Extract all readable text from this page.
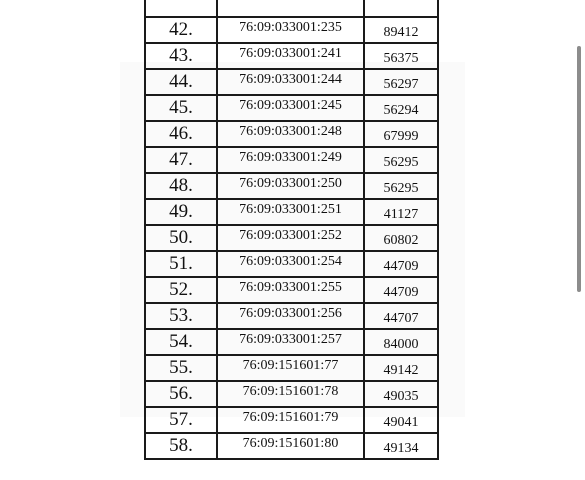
42.	76:09:033001:235	89412
43.	76:09:033001:241	56375
44.	76:09:033001:244	56297
45.	76:09:033001:245	56294
46.	76:09:033001:248	67999
47.	76:09:033001:249	56295
48.	76:09:033001:250	56295
49.	76:09:033001:251	41127
50.	76:09:033001:252	60802
51.	76:09:033001:254	44709
52.	76:09:033001:255	44709
53.	76:09:033001:256	44707
54.	76:09:033001:257	84000
55.	76:09:151601:77	49142
56.	76:09:151601:78	49035
57.	76:09:151601:79	49041
58.	76:09:151601:80	49134
